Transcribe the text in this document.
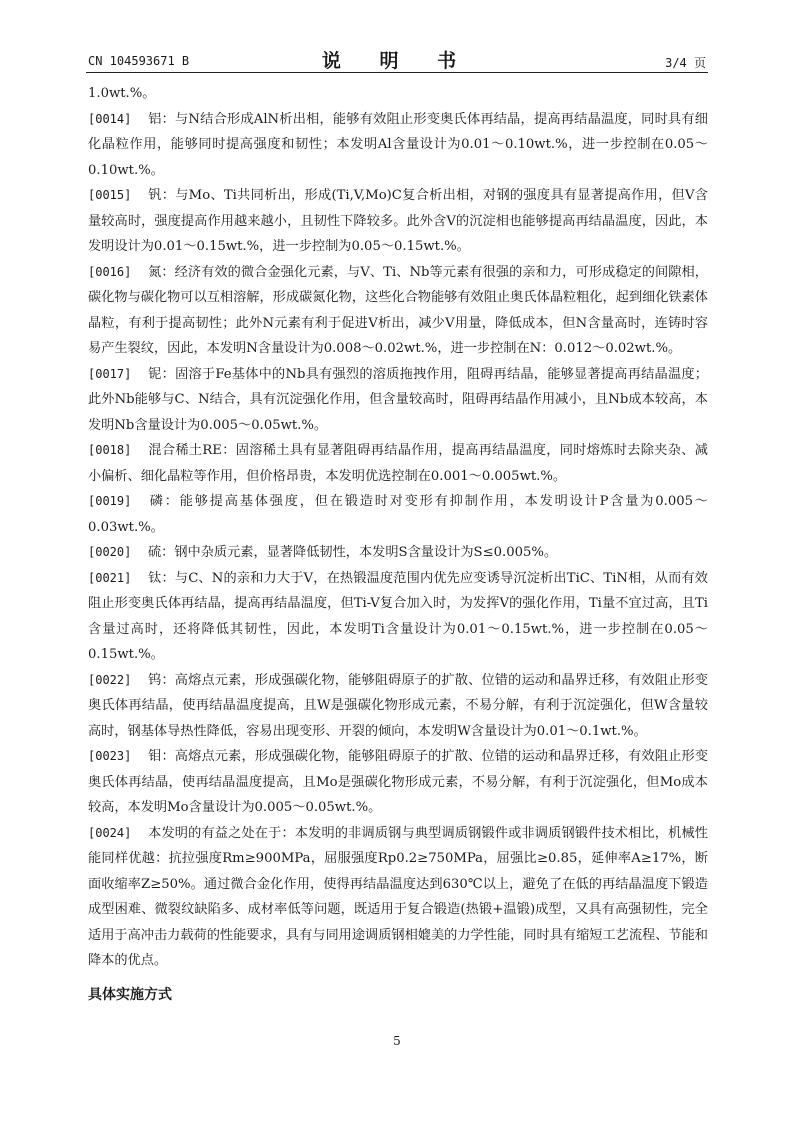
CN 104593671 B	说 明 书	3/4 页

1.0wt.%。

[0014] 铝：与N结合形成AlN析出相，能够有效阻止形变奥氏体再结晶，提高再结晶温度，同时具有细化晶粒作用，能够同时提高强度和韧性；本发明Al含量设计为0.01～0.10wt.%，进一步控制在0.05～0.10wt.%。

[0015] 钒：与Mo、Ti共同析出，形成(Ti,V,Mo)C复合析出相，对钢的强度具有显著提高作用，但V含量较高时，强度提高作用越来越小，且韧性下降较多。此外含V的沉淀相也能够提高再结晶温度，因此，本发明设计为0.01～0.15wt.%，进一步控制为0.05～0.15wt.%。

[0016] 氮：经济有效的微合金强化元素，与V、Ti、Nb等元素有很强的亲和力，可形成稳定的间隙相，碳化物与碳化物可以互相溶解，形成碳氮化物，这些化合物能够有效阻止奥氏体晶粒粗化，起到细化铁素体晶粒，有利于提高韧性；此外N元素有利于促进V析出，减少V用量，降低成本，但N含量高时，连铸时容易产生裂纹，因此，本发明N含量设计为0.008～0.02wt.%，进一步控制在N：0.012～0.02wt.%。

[0017] 铌：固溶于Fe基体中的Nb具有强烈的溶质拖拽作用，阻碍再结晶，能够显著提高再结晶温度；此外Nb能够与C、N结合，具有沉淀强化作用，但含量较高时，阻碍再结晶作用减小，且Nb成本较高，本发明Nb含量设计为0.005～0.05wt.%。

[0018] 混合稀土RE：固溶稀土具有显著阻碍再结晶作用，提高再结晶温度，同时熔炼时去除夹杂、减小偏析、细化晶粒等作用，但价格昂贵，本发明优选控制在0.001～0.005wt.%。

[0019] 磷：能够提高基体强度，但在锻造时对变形有抑制作用，本发明设计P含量为0.005～0.03wt.%。

[0020] 硫：钢中杂质元素，显著降低韧性，本发明S含量设计为S≤0.005%。

[0021] 钛：与C、N的亲和力大于V，在热锻温度范围内优先应变诱导沉淀析出TiC、TiN相，从而有效阻止形变奥氏体再结晶，提高再结晶温度，但Ti-V复合加入时，为发挥V的强化作用，Ti量不宜过高，且Ti含量过高时，还将降低其韧性，因此，本发明Ti含量设计为0.01～0.15wt.%，进一步控制在0.05～0.15wt.%。

[0022] 钨：高熔点元素，形成强碳化物，能够阻碍原子的扩散、位错的运动和晶界迁移，有效阻止形变奥氏体再结晶，使再结晶温度提高，且W是强碳化物形成元素，不易分解，有利于沉淀强化，但W含量较高时，钢基体导热性降低，容易出现变形、开裂的倾向，本发明W含量设计为0.01～0.1wt.%。

[0023] 钼：高熔点元素，形成强碳化物，能够阻碍原子的扩散、位错的运动和晶界迁移，有效阻止形变奥氏体再结晶，使再结晶温度提高，且Mo是强碳化物形成元素，不易分解，有利于沉淀强化，但Mo成本较高，本发明Mo含量设计为0.005～0.05wt.%。

[0024] 本发明的有益之处在于：本发明的非调质钢与典型调质钢锻件或非调质钢锻件技术相比，机械性能同样优越：抗拉强度Rm≥900MPa，屈服强度Rp0.2≥750MPa，屈强比≥0.85，延伸率A≥17%，断面收缩率Z≥50%。通过微合金化作用，使得再结晶温度达到630℃以上，避免了在低的再结晶温度下锻造成型困难、微裂纹缺陷多、成材率低等问题，既适用于复合锻造(热锻+温锻)成型，又具有高强韧性，完全适用于高冲击力载荷的性能要求，具有与同用途调质钢相媲美的力学性能，同时具有缩短工艺流程、节能和降本的优点。

具体实施方式
5
